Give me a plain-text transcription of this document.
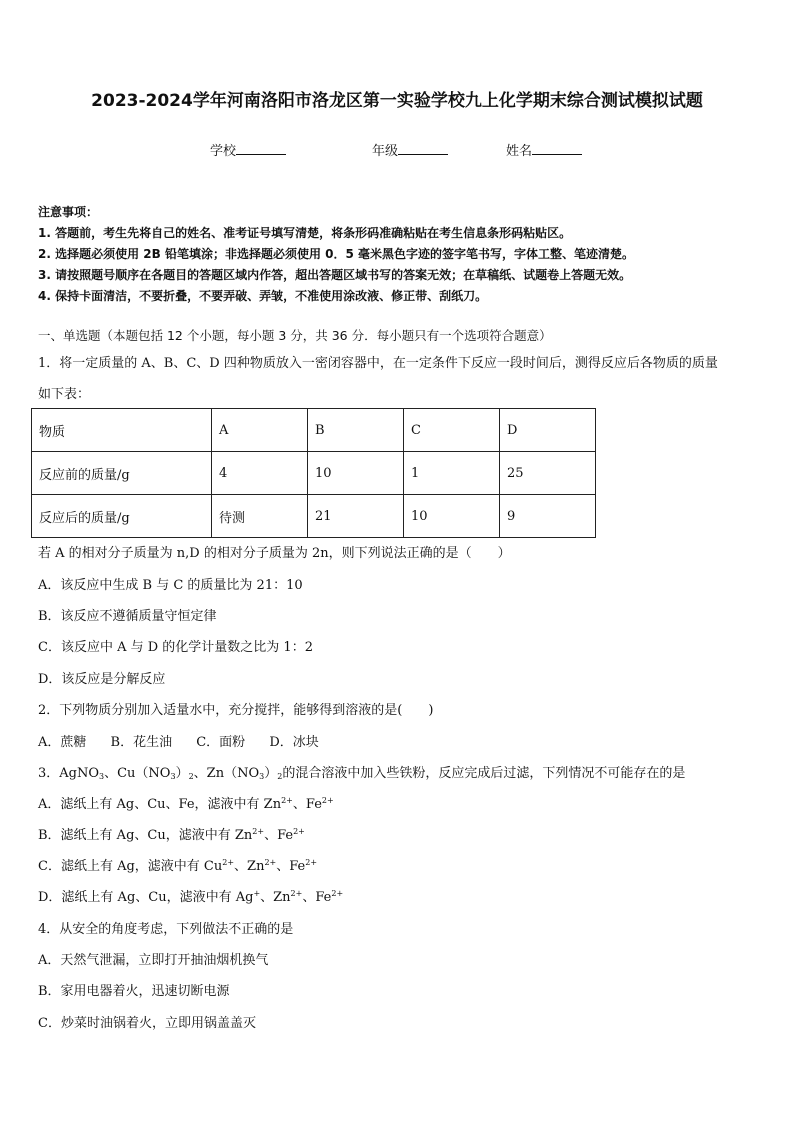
2023-2024学年河南洛阳市洛龙区第一实验学校九上化学期末综合测试模拟试题
学校	年级	姓名
注意事项：
1. 答题前，考生先将自己的姓名、准考证号填写清楚，将条形码准确粘贴在考生信息条形码粘贴区。
2. 选择题必须使用 2B 铅笔填涂；非选择题必须使用 0．5 毫米黑色字迹的签字笔书写，字体工整、笔迹清楚。
3. 请按照题号顺序在各题目的答题区域内作答，超出答题区域书写的答案无效；在草稿纸、试题卷上答题无效。
4. 保持卡面清洁，不要折叠，不要弄破、弄皱，不准使用涂改液、修正带、刮纸刀。
一、单选题（本题包括 12 个小题，每小题 3 分，共 36 分．每小题只有一个选项符合题意）
1．将一定质量的 A、B、C、D 四种物质放入一密闭容器中，在一定条件下反应一段时间后，测得反应后各物质的质量
如下表：
物质	A	B	C	D
反应前的质量/g	4	10	1	25
反应后的质量/g	待测	21	10	9
若 A 的相对分子质量为 n,D 的相对分子质量为 2n，则下列说法正确的是（　　）
A．该反应中生成 B 与 C 的质量比为 21：10
B．该反应不遵循质量守恒定律
C．该反应中 A 与 D 的化学计量数之比为 1：2
D．该反应是分解反应
2．下列物质分别加入适量水中，充分搅拌，能够得到溶液的是(　　)
A．蔗糖 B．花生油 C．面粉 D．冰块
3．AgNO$_3$、$Cu(NO_3)_2$、$Zn(NO_3)_2$的混合溶液中加入些铁粉，反应完成后过滤，下列情况不可能存在的是
A．滤纸上有 Ag、Cu、Fe，滤液中有 $Zn^{2+}$、$Fe^{2+}$
B．滤纸上有 Ag、Cu，滤液中有 $Zn^{2+}$、$Fe^{2+}$
C．滤纸上有 Ag，滤液中有 $Cu^{2+}$、$Zn^{2+}$、$Fe^{2+}$
D．滤纸上有 Ag、Cu，滤液中有 Ag+、$Zn^{2+}$、$Fe^{2+}$
4．从安全的角度考虑，下列做法不正确的是
A．天然气泄漏，立即打开抽油烟机换气
B．家用电器着火，迅速切断电源
C．炒菜时油锅着火，立即用锅盖盖灭
